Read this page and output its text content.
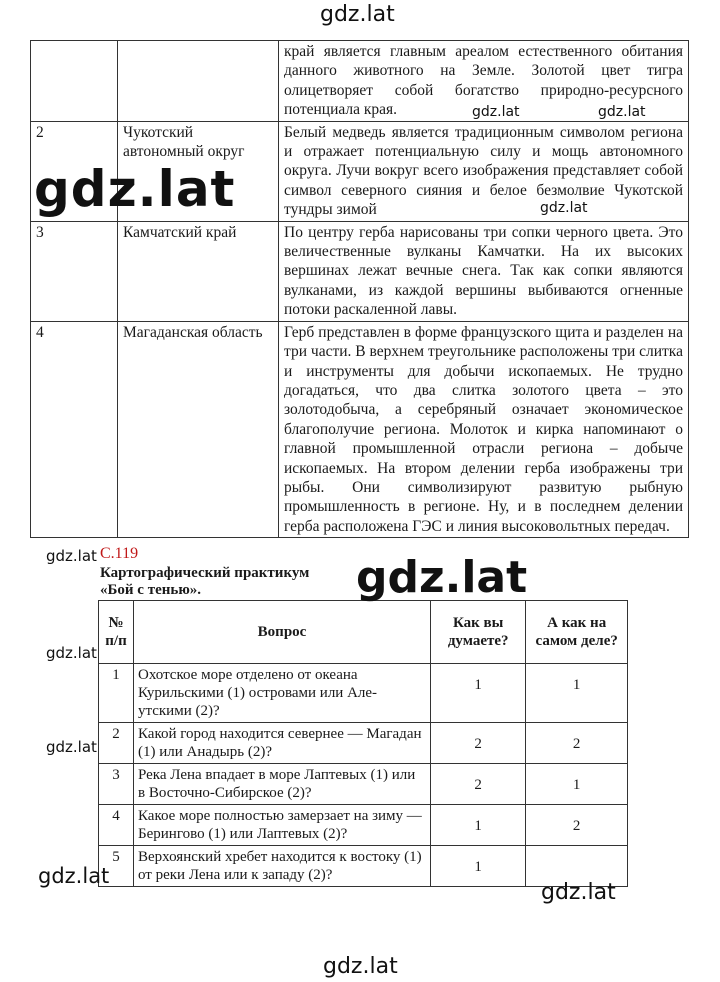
		край является главным ареалом естественного обитания данного животного на Земле. Золотой цвет тигра олицетворяет собой богатство природно-ресурсного потенциала края.
2	Чукотский автономный округ	Белый медведь является традиционным символом региона и отражает потенциальную силу и мощь автономного округа. Лучи вокруг всего изображения представляет собой символ северного сияния и белое безмолвие Чукотской тундры зимой
3	Камчатский край	По центру герба нарисованы три сопки черного цвета. Это величественные вулканы Камчатки. На их высоких вершинах лежат вечные снега. Так как сопки являются вулканами, из каждой вершины выбиваются огненные потоки раскаленной лавы.
4	Магаданская область	Герб представлен в форме французского щита и разделен на три части. В верхнем треугольнике расположены три слитка и инструменты для добычи ископаемых. Не трудно догадаться, что два слитка золотого цвета – это золотодобыча, а серебряный означает экономическое благополучие региона. Молоток и кирка напоминают о главной промышленной отрасли региона – добыче ископаемых. На втором делении герба изображены три рыбы. Они символизируют развитую рыбную промышленность в регионе. Ну, и в последнем делении герба расположена ГЭС и линия высоковольтных передач.
С.119
Картографический практикум
«Бой с тенью».
№ п/п	Вопрос	Как вы думаете?	А как на самом деле?
1	Охотское море отделено от океана Курильскими (1) островами или Але-утскими (2)?	1	1
2	Какой город находится севернее — Магадан (1) или Анадырь (2)?	2	2
3	Река Лена впадает в море Лаптевых (1) или в Восточно-Сибирское (2)?	2	1
4	Какое море полностью замерзает на зиму — Берингово (1) или Лаптевых (2)?	1	2
5	Верхоянский хребет находится к востоку (1) от реки Лена или к западу (2)?	1	
gdz.lat
gdz.lat	gdz.lat
gdz.lat	gdz.lat
gdz.lat	gdz.lat
gdz.lat
gdz.lat
gdz.lat
gdz.lat
gdz.lat
